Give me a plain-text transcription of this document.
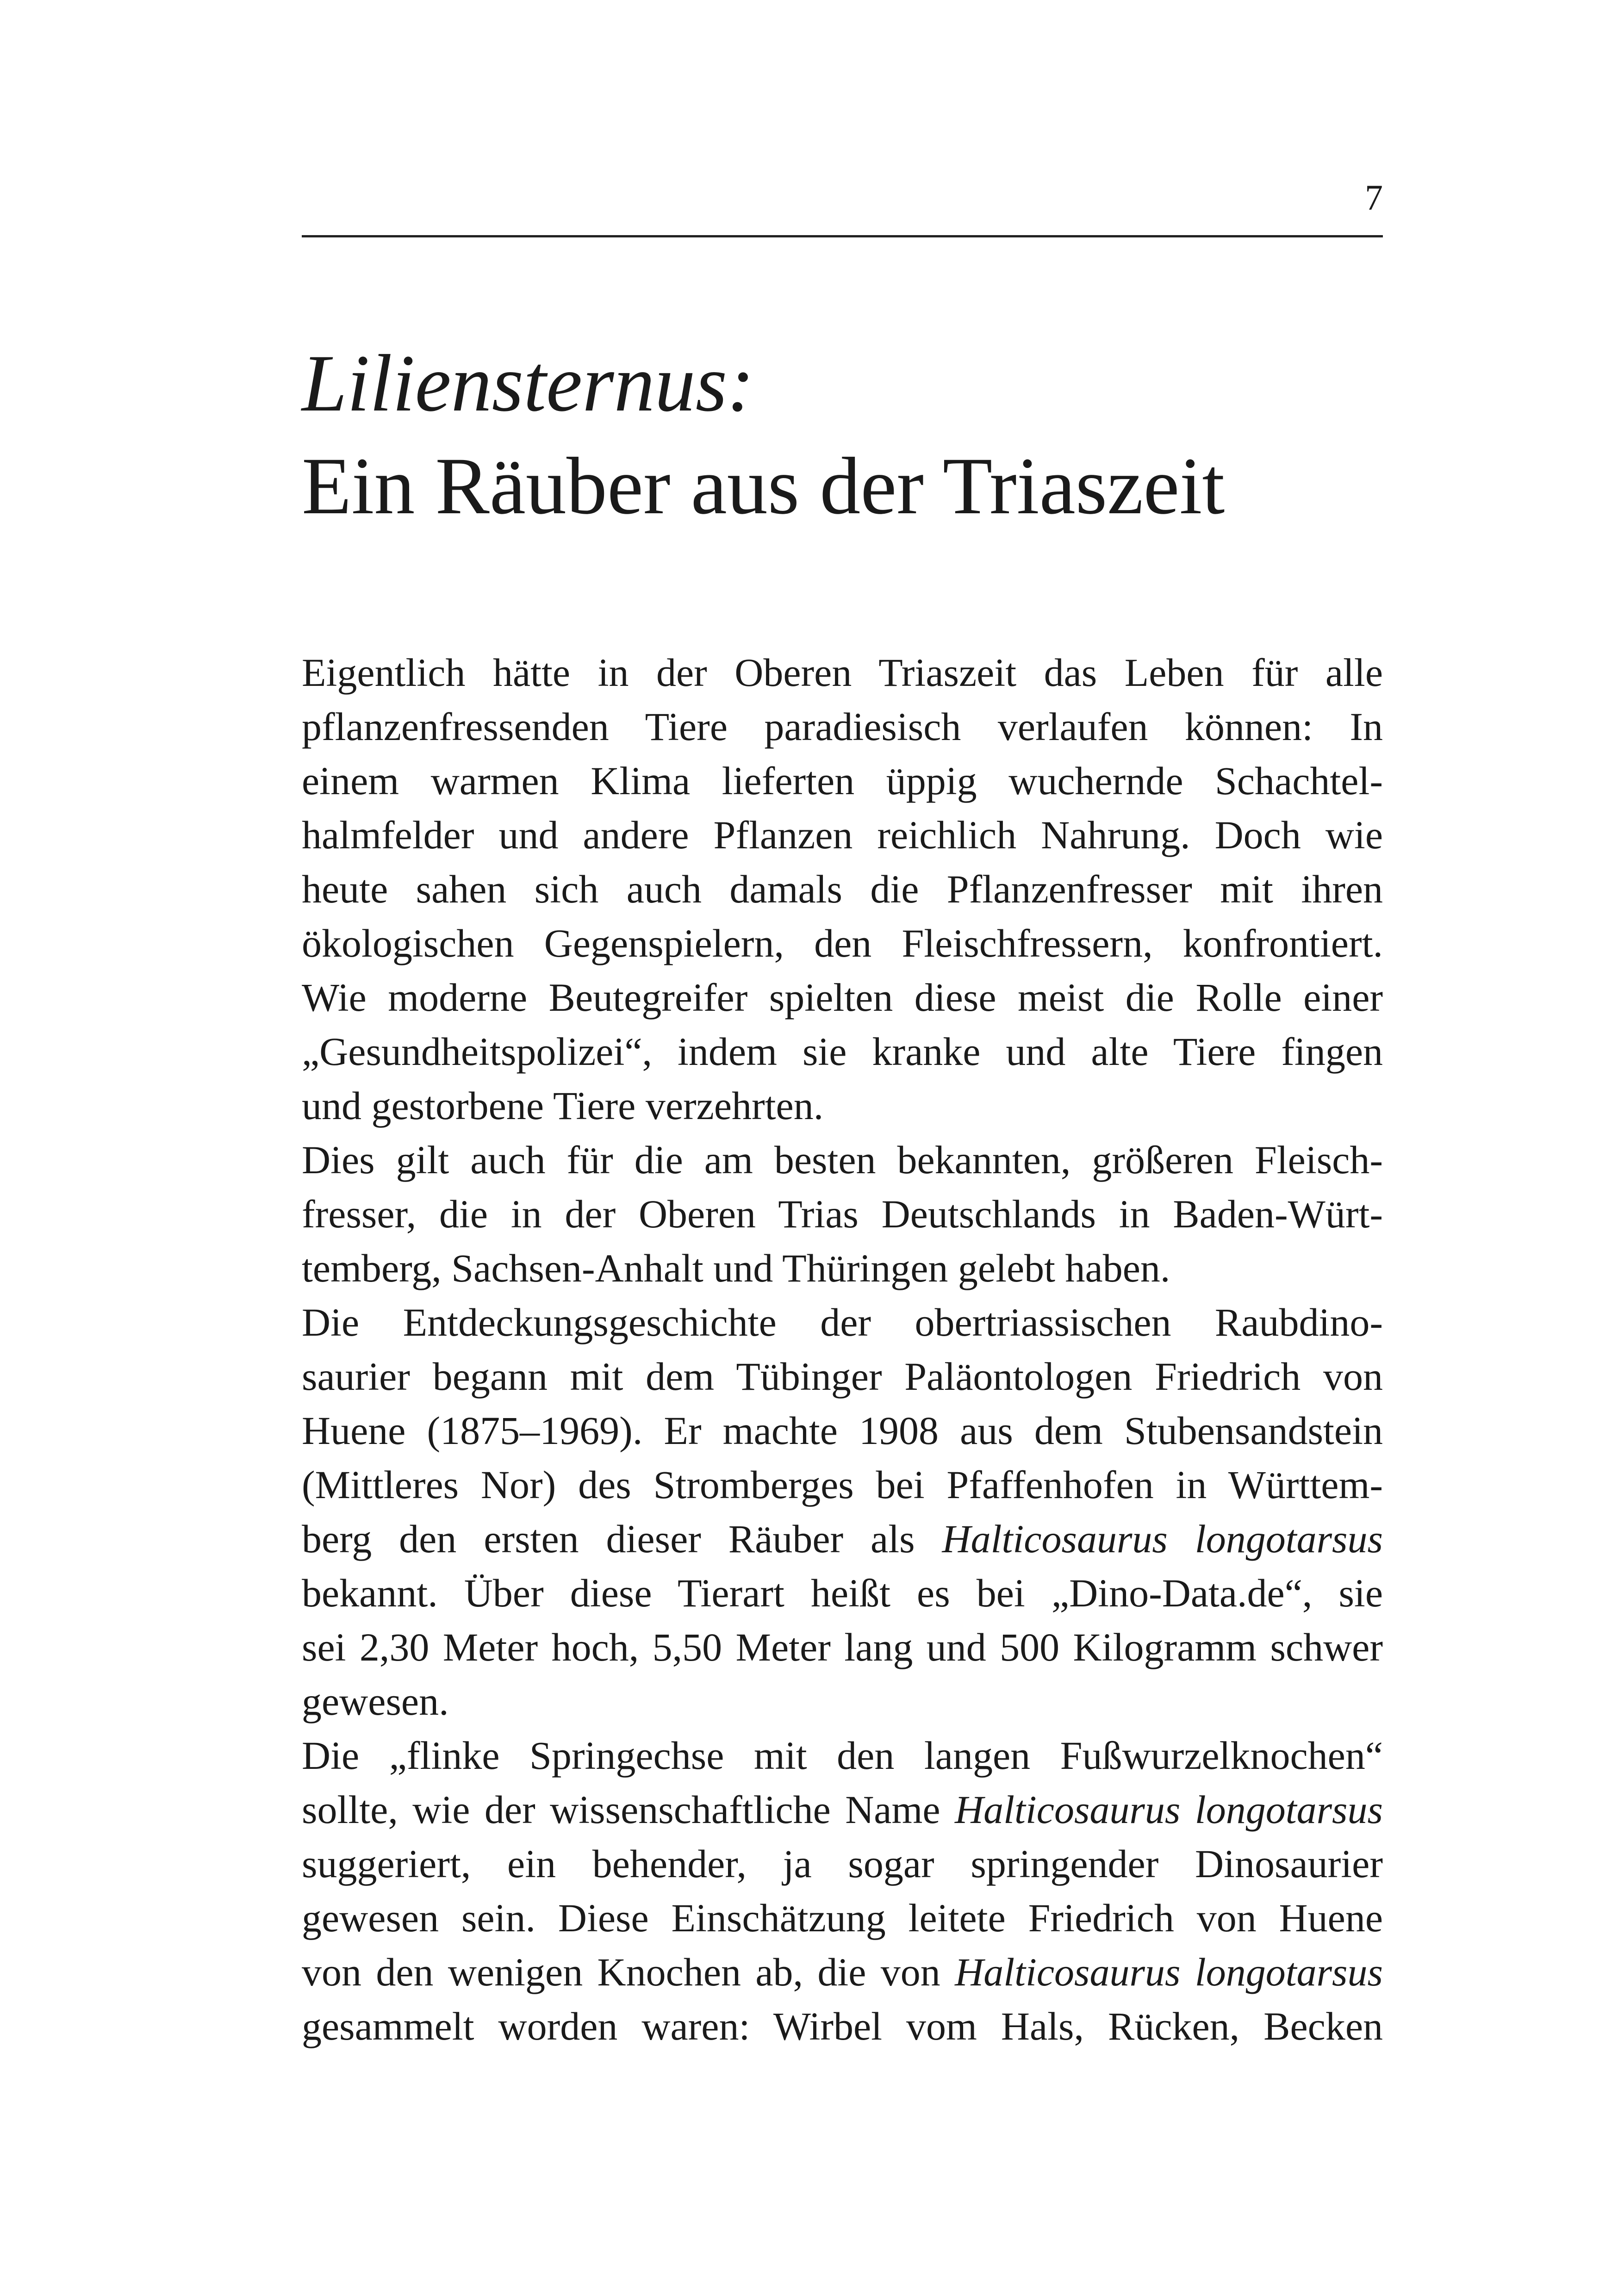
7
Liliensternus:
Ein Räuber aus der Triaszeit

Eigentlich hätte in der Oberen Triaszeit das Leben für alle
pflanzenfressenden Tiere paradiesisch verlaufen können: In
einem warmen Klima lieferten üppig wuchernde Schachtel-
halmfelder und andere Pflanzen reichlich Nahrung. Doch wie
heute sahen sich auch damals die Pflanzenfresser mit ihren
ökologischen Gegenspielern, den Fleischfressern, konfrontiert.
Wie moderne Beutegreifer spielten diese meist die Rolle einer
„Gesundheitspolizei“, indem sie kranke und alte Tiere fingen
und gestorbene Tiere verzehrten.

Dies gilt auch für die am besten bekannten, größeren Fleisch-
fresser, die in der Oberen Trias Deutschlands in Baden-Würt-
temberg, Sachsen-Anhalt und Thüringen gelebt haben.

Die Entdeckungsgeschichte der obertriassischen Raubdino-
saurier begann mit dem Tübinger Paläontologen Friedrich von
Huene (1875–1969). Er machte 1908 aus dem Stubensandstein
(Mittleres Nor) des Stromberges bei Pfaffenhofen in Württem-
berg den ersten dieser Räuber als Halticosaurus longotarsus
bekannt. Über diese Tierart heißt es bei „Dino-Data.de“, sie
sei 2,30 Meter hoch, 5,50 Meter lang und 500 Kilogramm schwer
gewesen.

Die „flinke Springechse mit den langen Fußwurzelknochen“
sollte, wie der wissenschaftliche Name Halticosaurus longotarsus
suggeriert, ein behender, ja sogar springender Dinosaurier
gewesen sein. Diese Einschätzung leitete Friedrich von Huene
von den wenigen Knochen ab, die von Halticosaurus longotarsus
gesammelt worden waren: Wirbel vom Hals, Rücken, Becken
